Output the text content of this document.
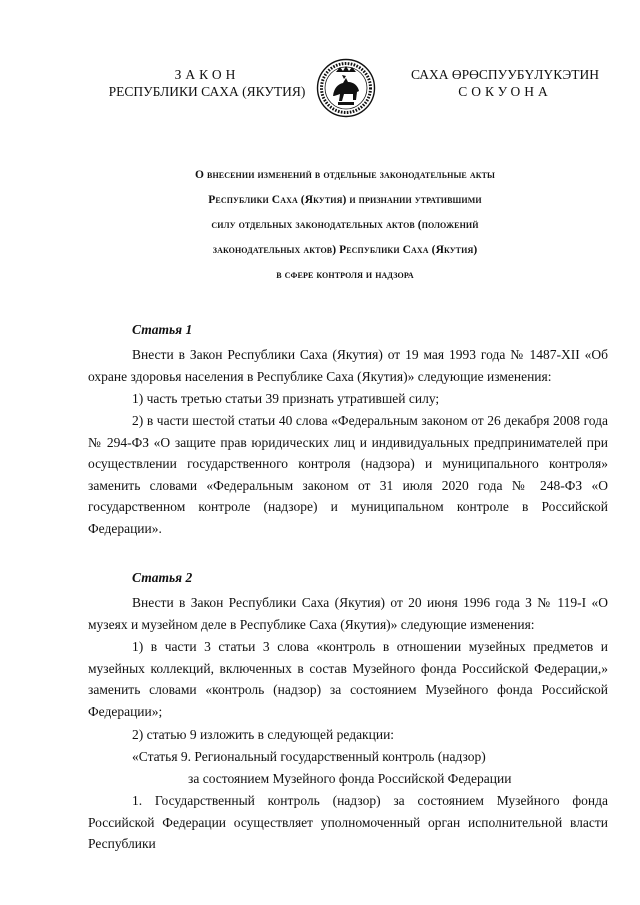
ЗАКОН
РЕСПУБЛИКИ САХА (ЯКУТИЯ)
САХА ӨРӨСПУУБҮЛҮКЭТИН
СОКУОНА
О внесении изменений в отдельные законодательные акты
Республики Саха (Якутия) и признании утратившими
силу отдельных законодательных актов (положений
законодательных актов) Республики Саха (Якутия)
в сфере контроля и надзора
Статья 1
Внести в Закон Республики Саха (Якутия) от 19 мая 1993 года № 1487-XII «Об охране здоровья населения в Республике Саха (Якутия)» следующие изменения:
1) часть третью статьи 39 признать утратившей силу;
2) в части шестой статьи 40 слова «Федеральным законом от 26 декабря 2008 года № 294-ФЗ «О защите прав юридических лиц и индивидуальных предпринимателей при осуществлении государственного контроля (надзора) и муниципального контроля» заменить словами «Федеральным законом от 31 июля 2020 года № 248-ФЗ «О государственном контроле (надзоре) и муниципальном контроле в Российской Федерации».
Статья 2
Внести в Закон Республики Саха (Якутия) от 20 июня 1996 года З № 119-I «О музеях и музейном деле в Республике Саха (Якутия)» следующие изменения:
1) в части 3 статьи 3 слова «контроль в отношении музейных предметов и музейных коллекций, включенных в состав Музейного фонда Российской Федерации,» заменить словами «контроль (надзор) за состоянием Музейного фонда Российской Федерации»;
2) статью 9 изложить в следующей редакции:
«Статья 9. Региональный государственный контроль (надзор)
за состоянием Музейного фонда Российской Федерации
1. Государственный контроль (надзор) за состоянием Музейного фонда Российской Федерации осуществляет уполномоченный орган исполнительной власти Республики
